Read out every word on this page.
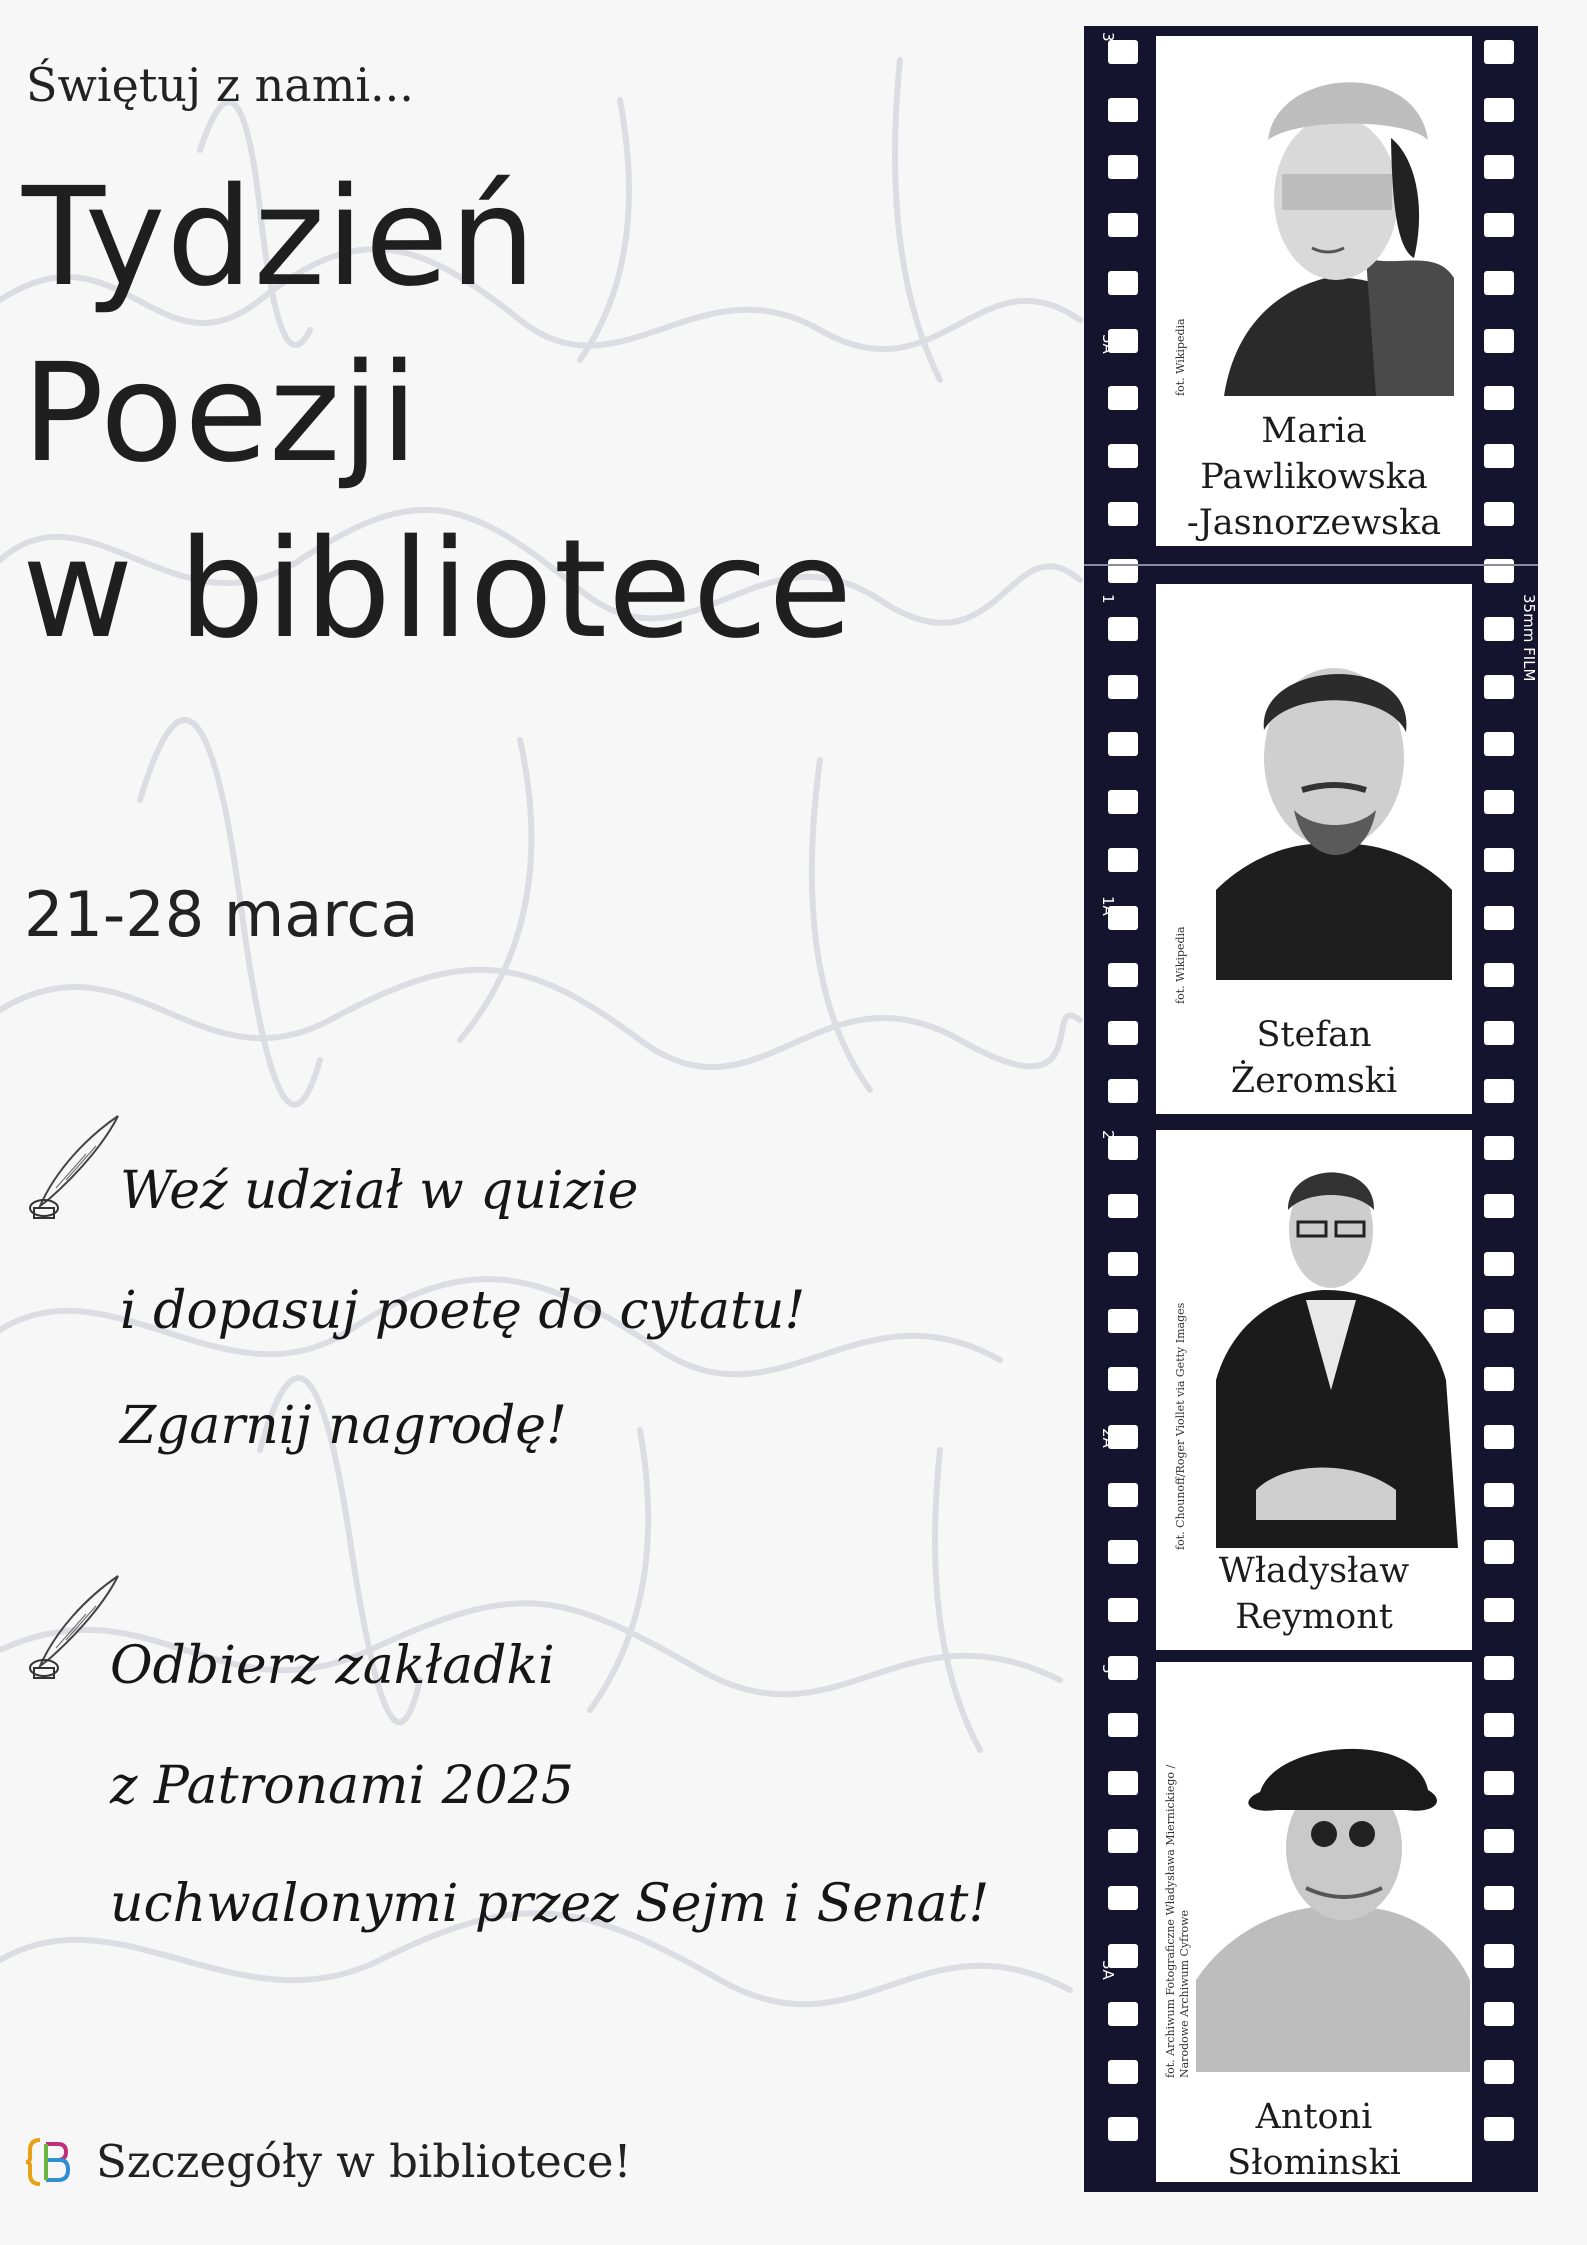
Świętuj z nami...
Tydzień
Poezji
w bibliotece
21-28 marca
Weź udział w quizie
i dopasuj poetę do cytatu!
Zgarnij nagrodę!
Odbierz zakładki
z Patronami 2025
uchwalonymi przez Sejm i Senat!
Szczegóły w bibliotece!
35mm FILM
3
3A	fot. Wikipedia
Maria
Pawlikowska
-Jasnorzewska
1
1A
fot. Wikipedia
Stefan
Żeromski
2
2A	fot. Chounoff/Roger Viollet via Getty Images
Władysław
Reymont
3
3A	fot. Archiwum Fotograficzne Władysława Miernickiego / Narodowe Archiwum Cyfrowe
Antoni
Słominski
